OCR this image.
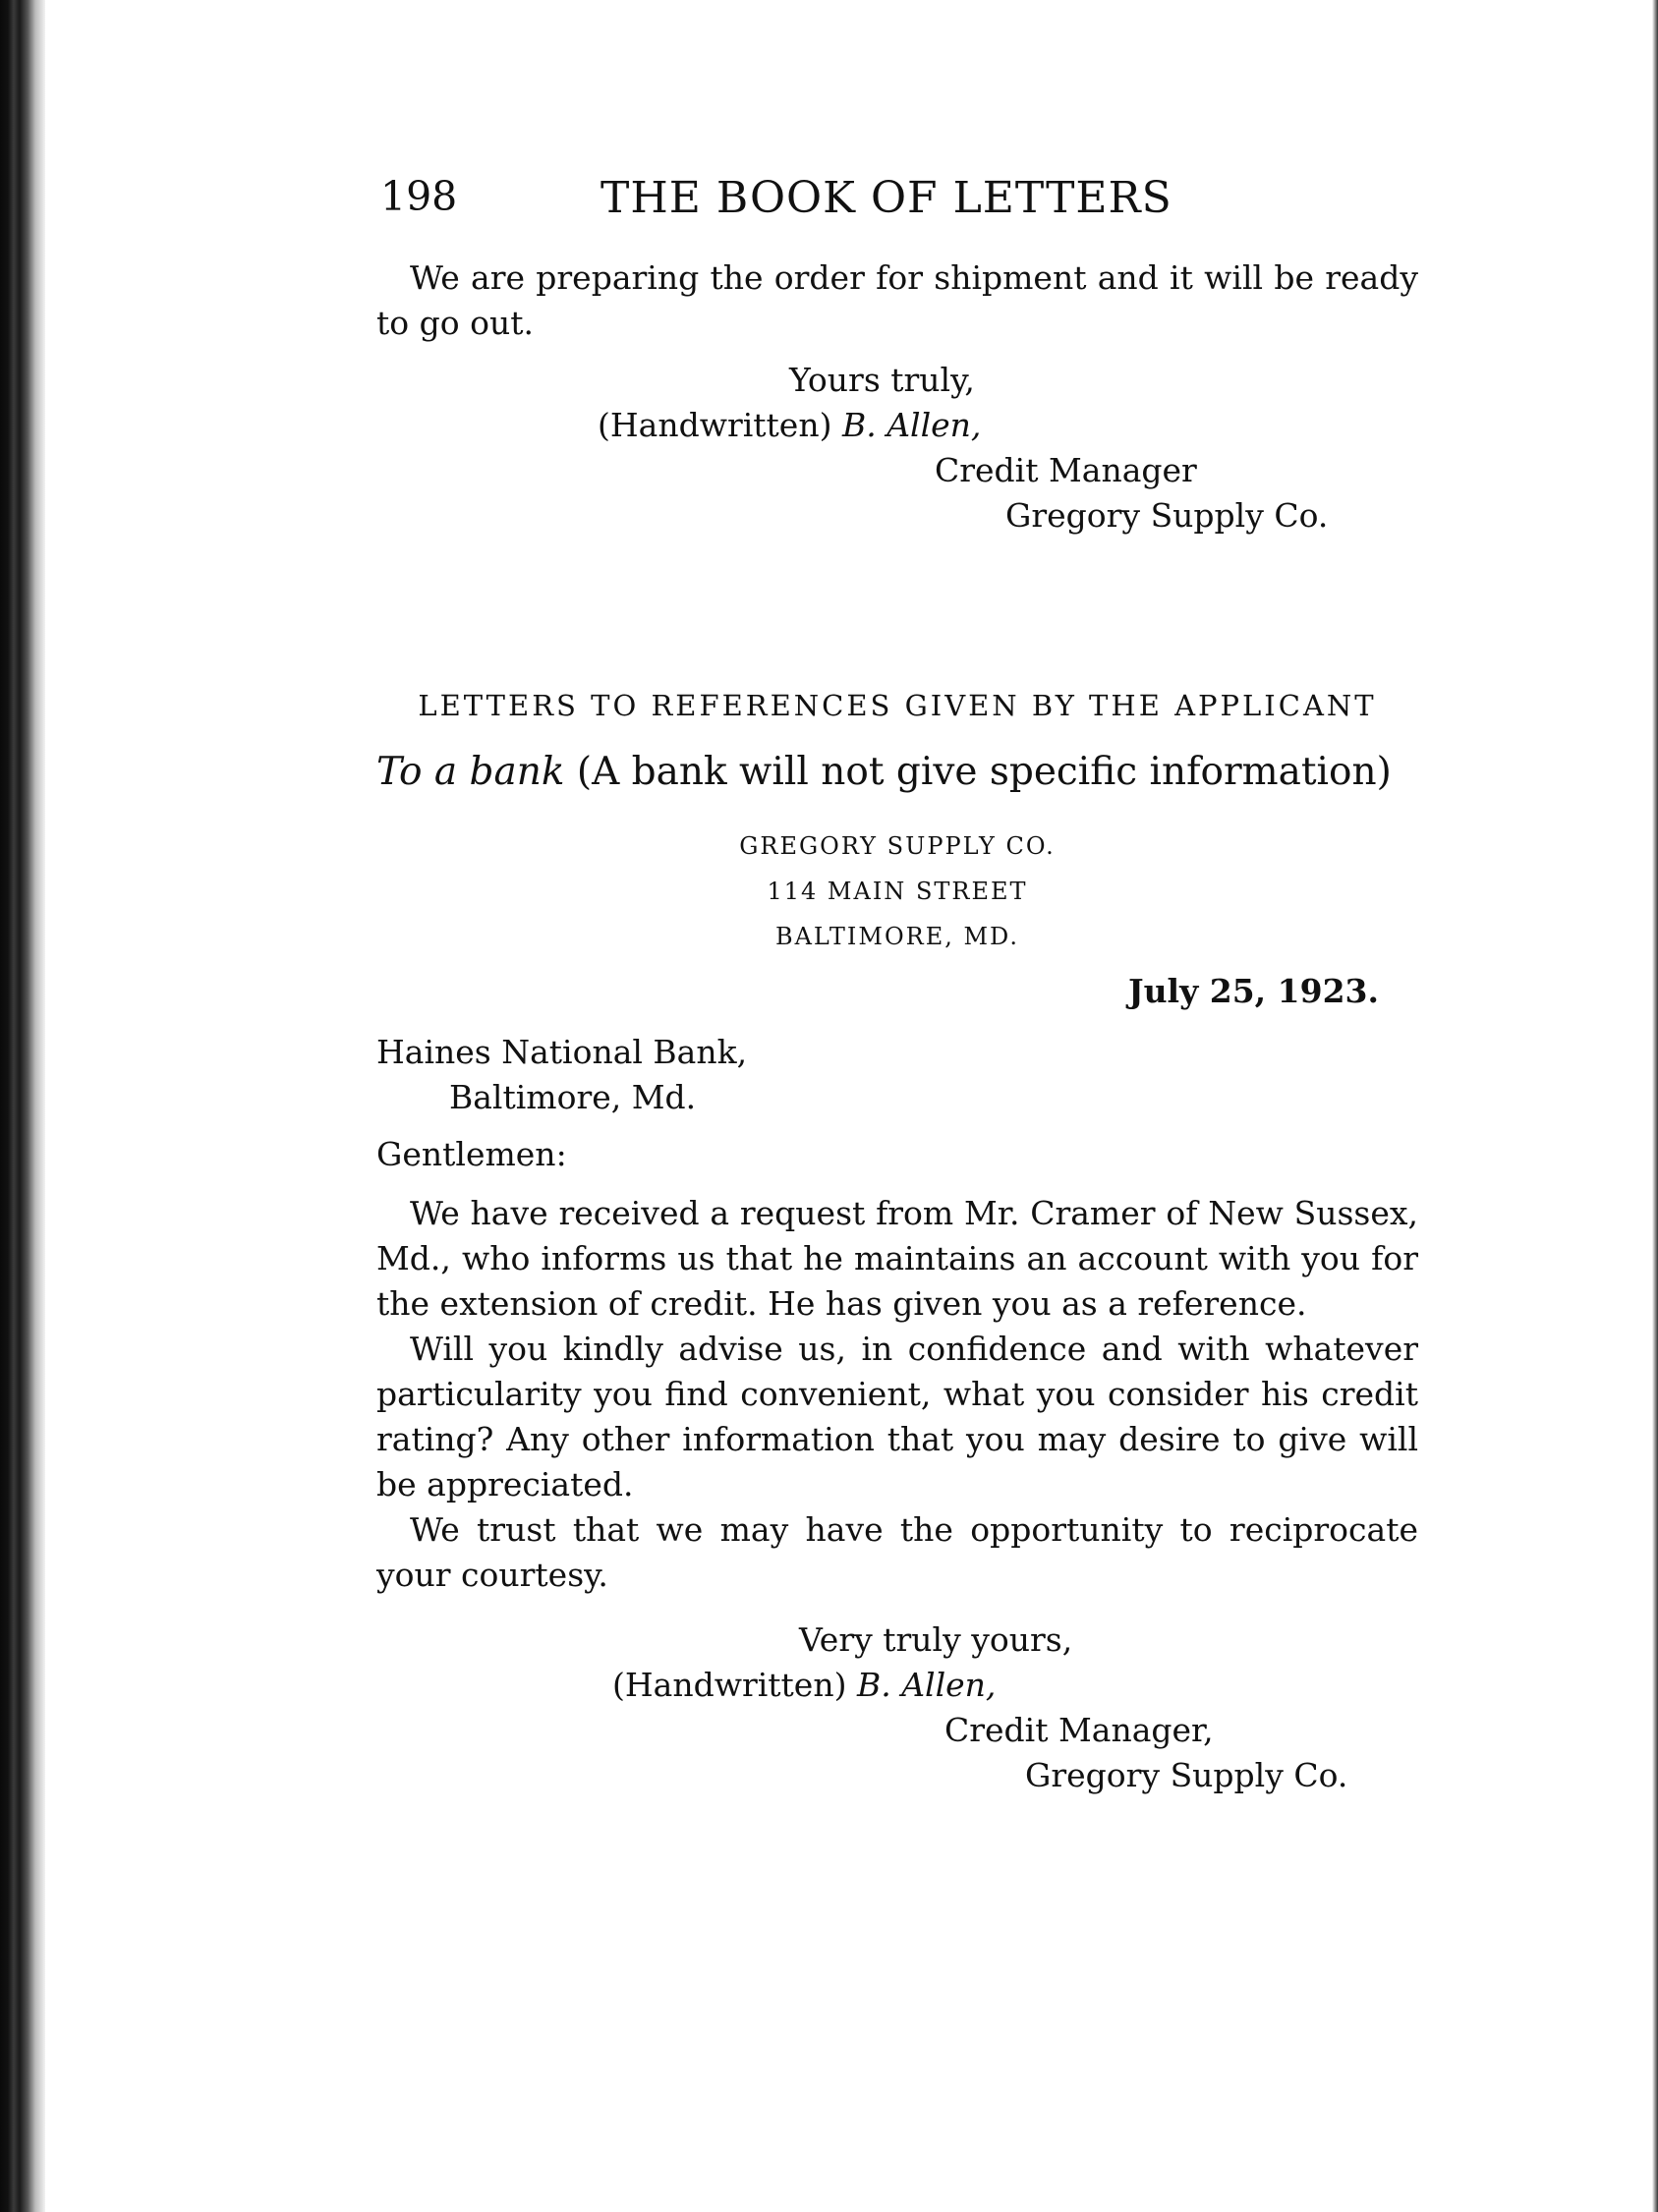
198	THE BOOK OF LETTERS

We are preparing the order for shipment and it will be ready to go out.

Yours truly,
(Handwritten) B. Allen,
Credit Manager
Gregory Supply Co.
LETTERS TO REFERENCES GIVEN BY THE APPLICANT
To a bank (A bank will not give specific information)
GREGORY SUPPLY CO.
114 MAIN STREET
BALTIMORE, MD.
July 25, 1923.
Haines National Bank,
Baltimore, Md.
Gentlemen:

We have received a request from Mr. Cramer of New Sussex, Md., who informs us that he maintains an account with you for the extension of credit. He has given you as a reference.

Will you kindly advise us, in confidence and with whatever particularity you find convenient, what you consider his credit rating? Any other information that you may desire to give will be appreciated.

We trust that we may have the opportunity to reciprocate your courtesy.

Very truly yours,
(Handwritten) B. Allen,
Credit Manager,
Gregory Supply Co.
